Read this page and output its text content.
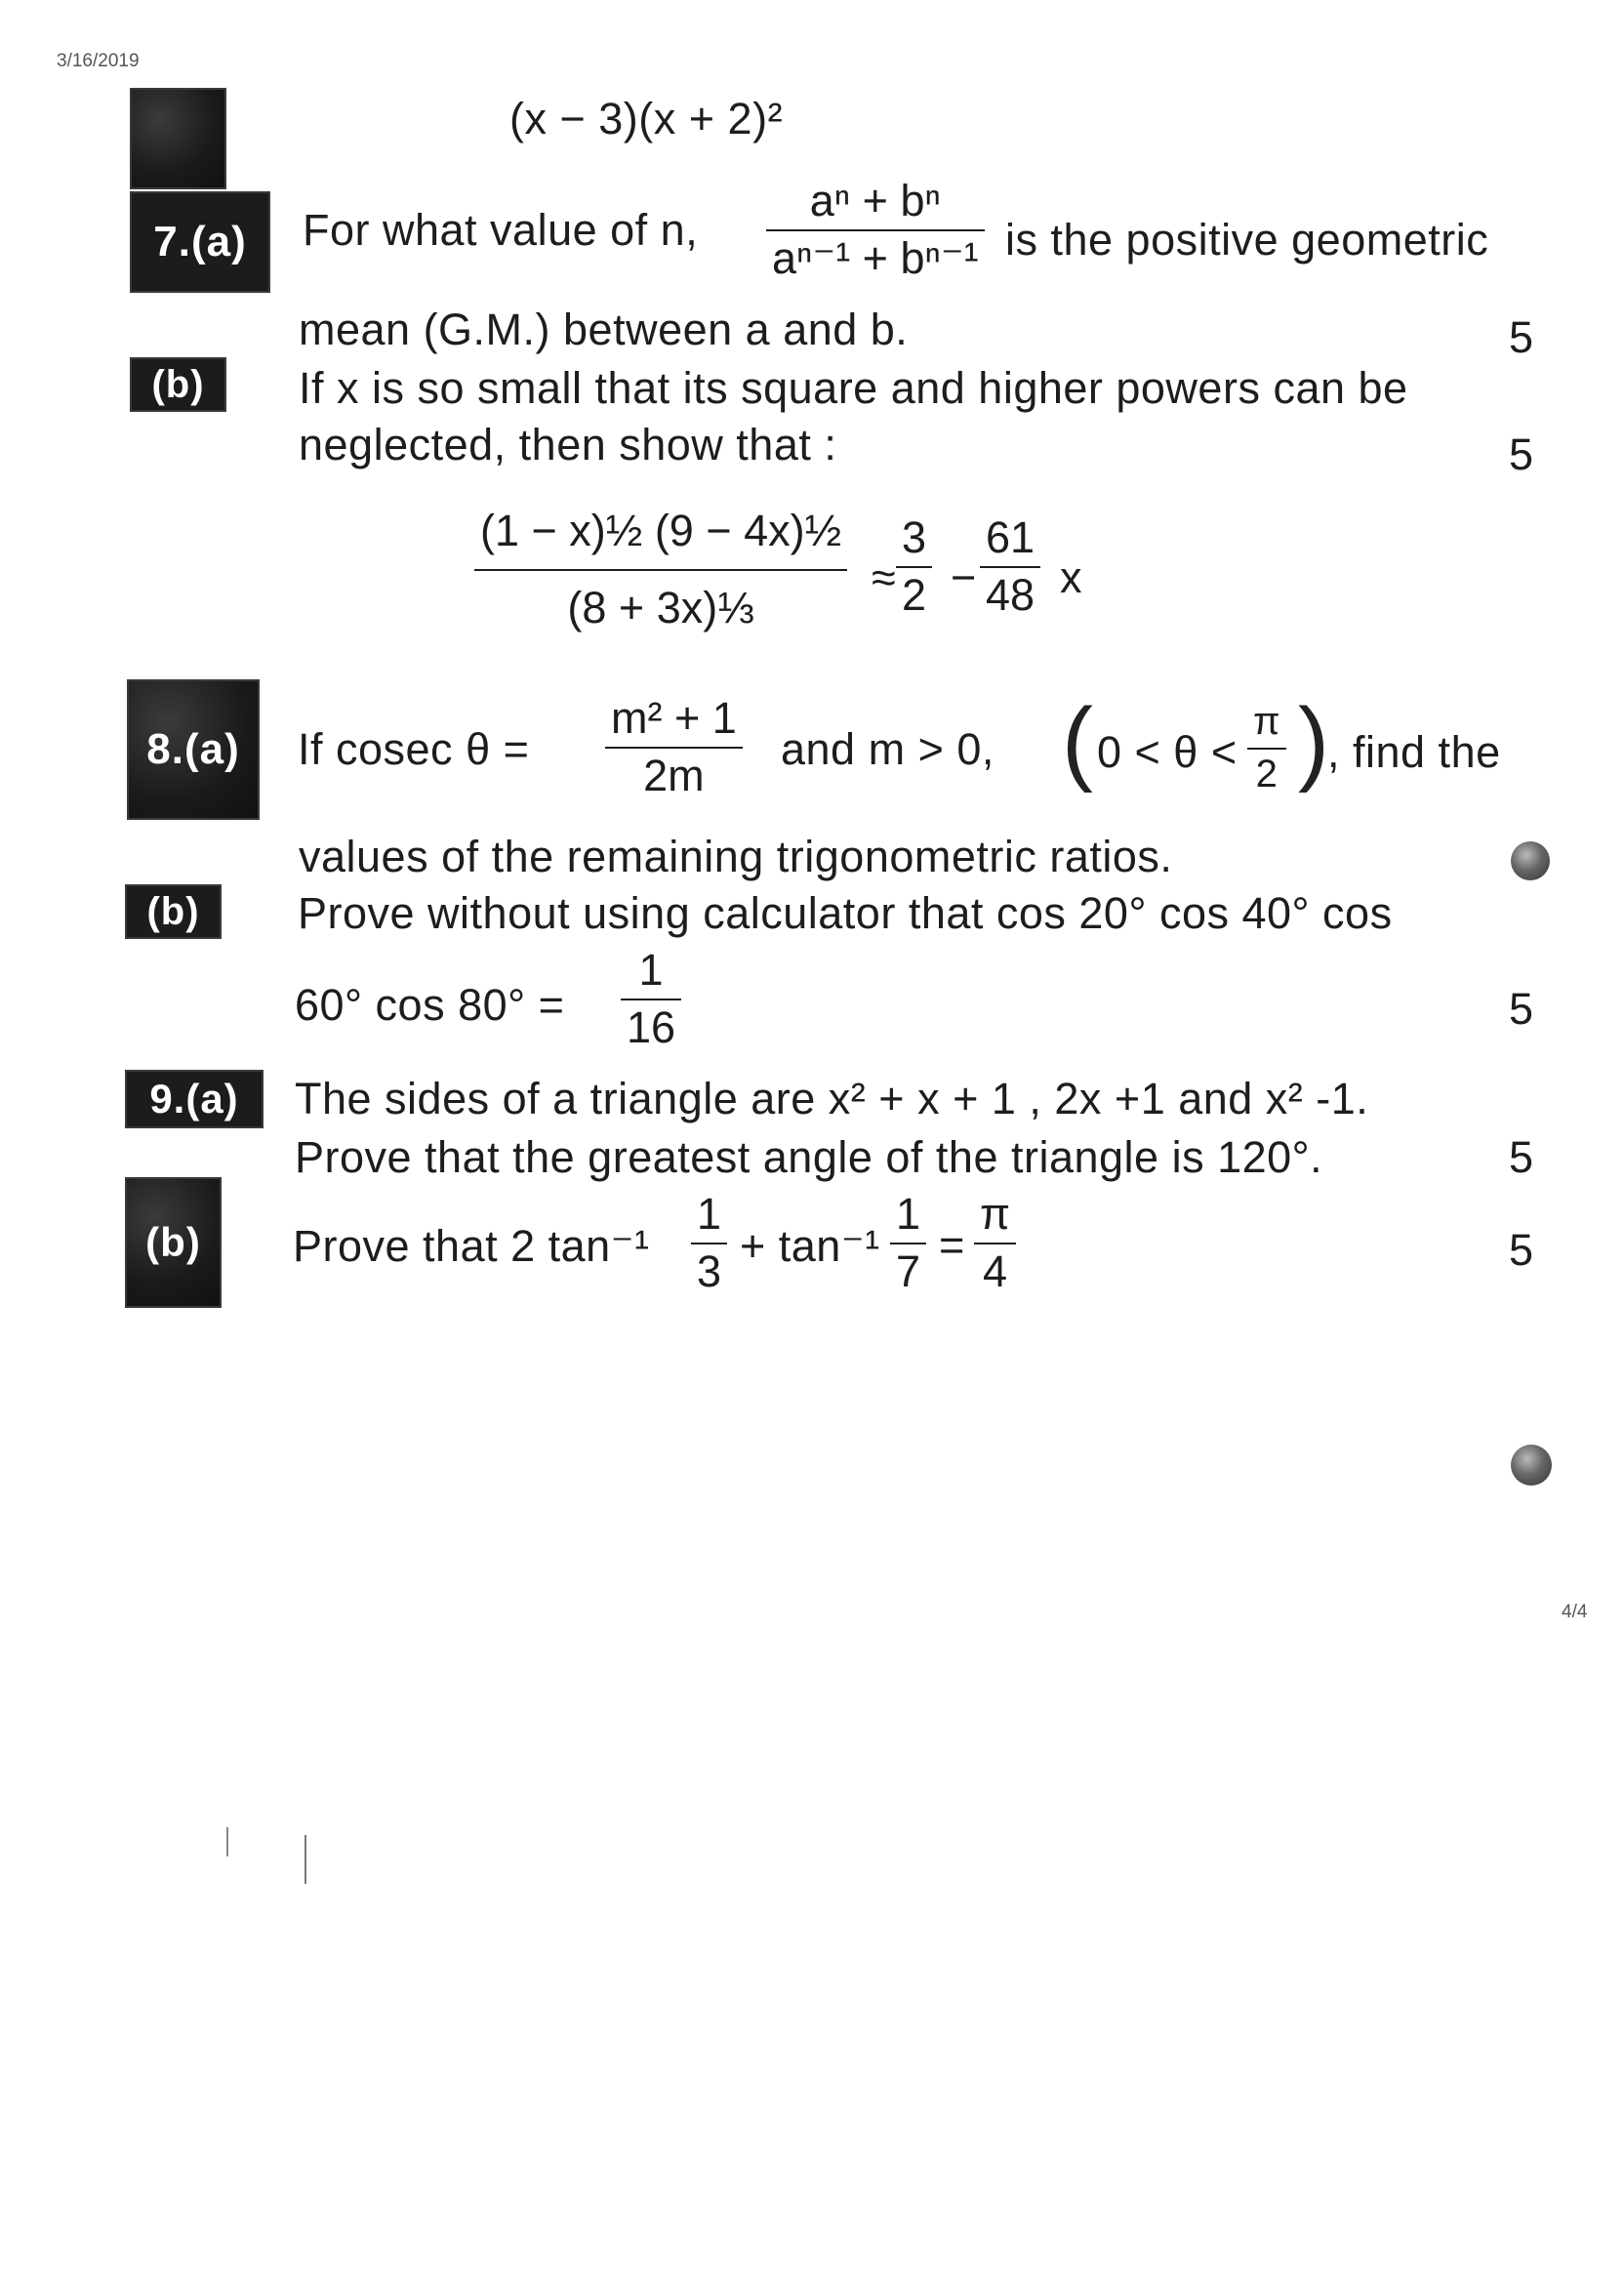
3/16/2019
4/4
(x − 3)(x + 2)²
7.(a)	For what value of n,
aⁿ + bⁿ
aⁿ⁻¹ + bⁿ⁻¹ is the positive geometric
mean (G.M.) between a and b.	5
(b)	If x is so small that its square and higher powers can be
neglected, then show that :	5
(1 − x)½ (9 − 4x)½
(8 + 3x)⅓
≈
3
2 −
61
48 x
8.(a)	If cosec θ =
m² + 1
2m
and m > 0, ( 0 < θ <
π
2 )
, find the
values of the remaining trigonometric ratios.
(b)	Prove without using calculator that cos 20° cos 40° cos
60° cos 80° =
1
16	5
9.(a)	The sides of a triangle are x² + x + 1 , 2x +1 and x² -1.
Prove that the greatest angle of the triangle is 120°.	5
(b)	Prove that 2 tan⁻¹
1
3
+ tan⁻¹
1
7
=
π
4	5
